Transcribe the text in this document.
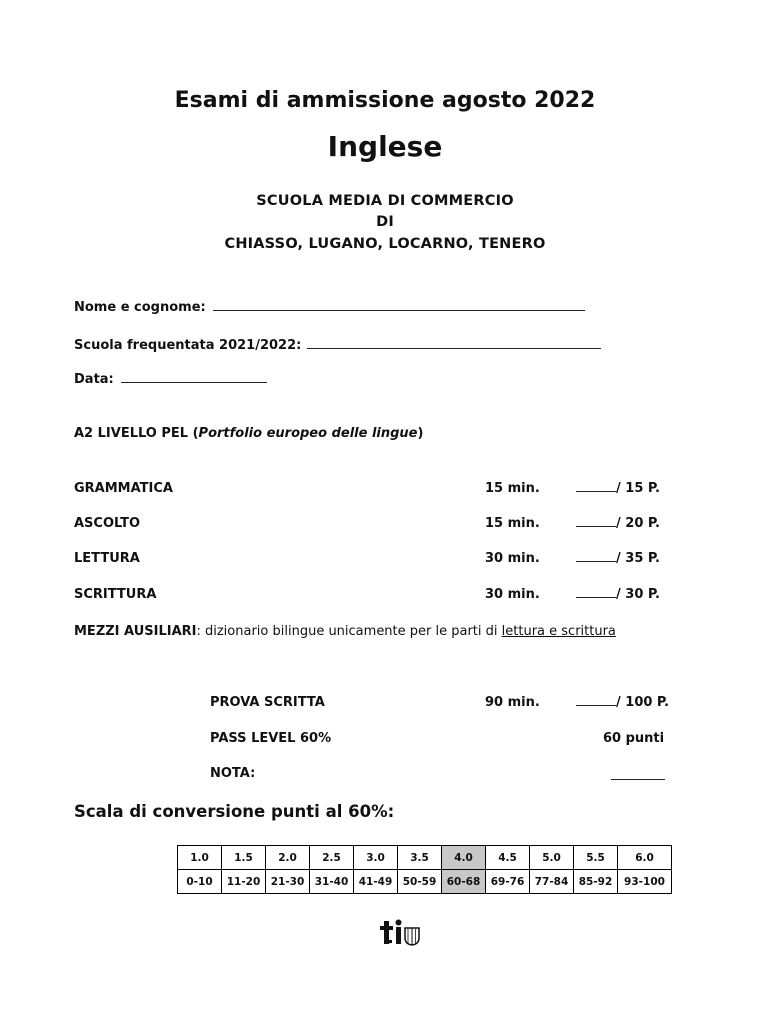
Esami di ammissione agosto 2022
Inglese
SCUOLA MEDIA DI COMMERCIO
DI
CHIASSO, LUGANO, LOCARNO, TENERO
Nome e cognome:
Scuola frequentata 2021/2022:
Data:
A2 LIVELLO PEL (Portfolio europeo delle lingue)
GRAMMATICA	15 min.	/ 15 P.
ASCOLTO	15 min.	/ 20 P.
LETTURA	30 min.	/ 35 P.
SCRITTURA	30 min.	/ 30 P.
MEZZI AUSILIARI: dizionario bilingue unicamente per le parti di lettura e scrittura
PROVA SCRITTA	90 min.	/ 100 P.
PASS LEVEL 60%	60 punti
NOTA:
Scala di conversione punti al 60%:
1.0	1.5	2.0	2.5	3.0	3.5	4.0	4.5	5.0	5.5	6.0
0-10	11-20	21-30	31-40	41-49	50-59	60-68	69-76	77-84	85-92	93-100
